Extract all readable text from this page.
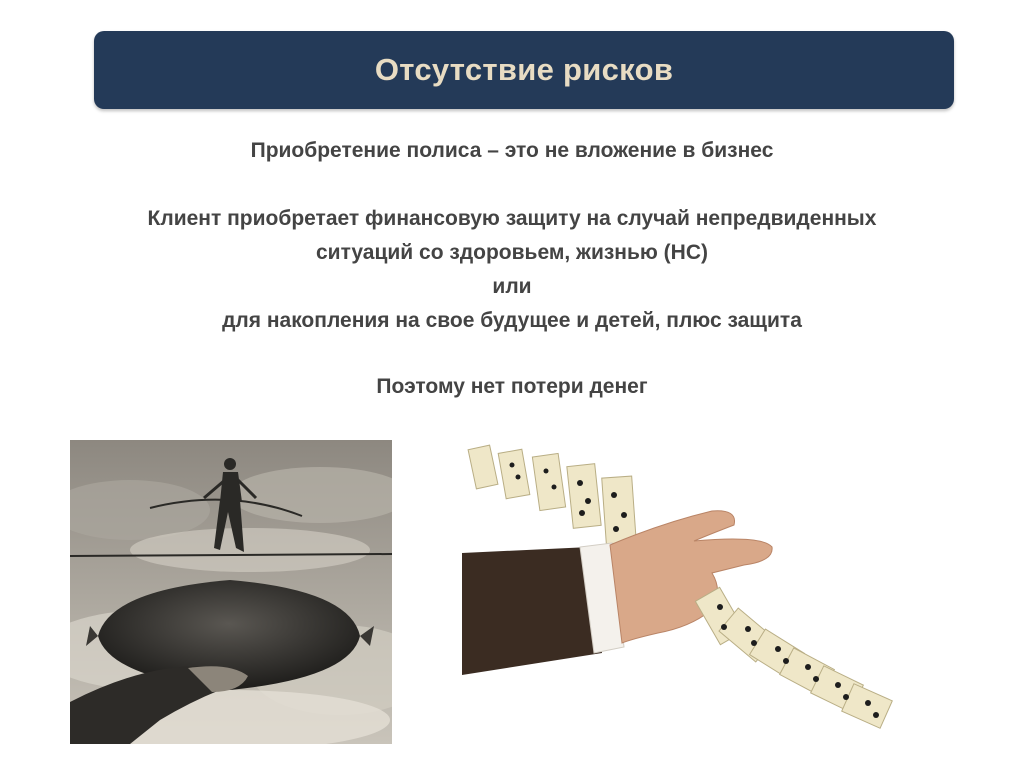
Отсутствие рисков

Приобретение полиса – это не вложение в бизнес

Клиент приобретает финансовую защиту на случай непредвиденных

ситуаций со здоровьем, жизнью (НС)

или

для накопления на свое будущее и детей, плюс защита

Поэтому нет потери денег
